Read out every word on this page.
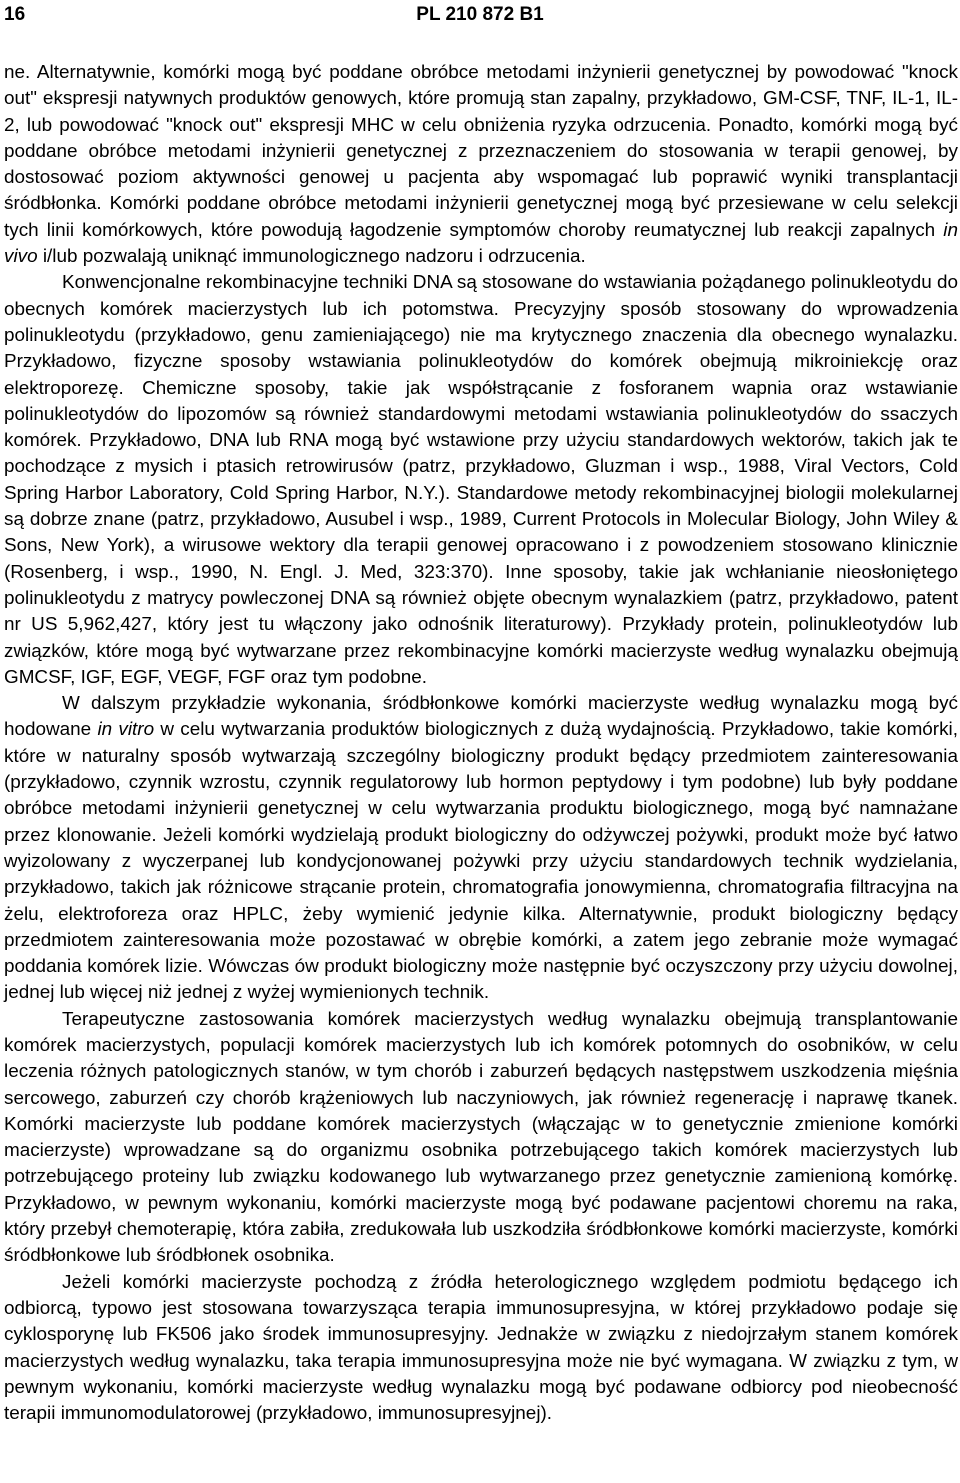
16	PL 210 872 B1

ne. Alternatywnie, komórki mogą być poddane obróbce metodami inżynierii genetycznej by powodować "knock out" ekspresji natywnych produktów genowych, które promują stan zapalny, przykładowo, GM-CSF, TNF, IL-1, IL-2, lub powodować "knock out" ekspresji MHC w celu obniżenia ryzyka odrzucenia. Ponadto, komórki mogą być poddane obróbce metodami inżynierii genetycznej z przeznaczeniem do stosowania w terapii genowej, by dostosować poziom aktywności genowej u pacjenta aby wspomagać lub poprawić wyniki transplantacji śródbłonka. Komórki poddane obróbce metodami inżynierii genetycznej mogą być przesiewane w celu selekcji tych linii komórkowych, które powodują łagodzenie symptomów choroby reumatycznej lub reakcji zapalnych in vivo i/lub pozwalają uniknąć immunologicznego nadzoru i odrzucenia.

Konwencjonalne rekombinacyjne techniki DNA są stosowane do wstawiania pożądanego polinukleotydu do obecnych komórek macierzystych lub ich potomstwa. Precyzyjny sposób stosowany do wprowadzenia polinukleotydu (przykładowo, genu zamieniającego) nie ma krytycznego znaczenia dla obecnego wynalazku. Przykładowo, fizyczne sposoby wstawiania polinukleotydów do komórek obejmują mikroiniekcję oraz elektroporezę. Chemiczne sposoby, takie jak współstrącanie z fosforanem wapnia oraz wstawianie polinukleotydów do lipozomów są również standardowymi metodami wstawiania polinukleotydów do ssaczych komórek. Przykładowo, DNA lub RNA mogą być wstawione przy użyciu standardowych wektorów, takich jak te pochodzące z mysich i ptasich retrowirusów (patrz, przykładowo, Gluzman i wsp., 1988, Viral Vectors, Cold Spring Harbor Laboratory, Cold Spring Harbor, N.Y.). Standardowe metody rekombinacyjnej biologii molekularnej są dobrze znane (patrz, przykładowo, Ausubel i wsp., 1989, Current Protocols in Molecular Biology, John Wiley & Sons, New York), a wirusowe wektory dla terapii genowej opracowano i z powodzeniem stosowano klinicznie (Rosenberg, i wsp., 1990, N. Engl. J. Med, 323:370). Inne sposoby, takie jak wchłanianie nieosłoniętego polinukleotydu z matrycy powleczonej DNA są również objęte obecnym wynalazkiem (patrz, przykładowo, patent nr US 5,962,427, który jest tu włączony jako odnośnik literaturowy). Przykłady protein, polinukleotydów lub związków, które mogą być wytwarzane przez rekombinacyjne komórki macierzyste według wynalazku obejmują GMCSF, IGF, EGF, VEGF, FGF oraz tym podobne.

W dalszym przykładzie wykonania, śródbłonkowe komórki macierzyste według wynalazku mogą być hodowane in vitro w celu wytwarzania produktów biologicznych z dużą wydajnością. Przykładowo, takie komórki, które w naturalny sposób wytwarzają szczególny biologiczny produkt będący przedmiotem zainteresowania (przykładowo, czynnik wzrostu, czynnik regulatorowy lub hormon peptydowy i tym podobne) lub były poddane obróbce metodami inżynierii genetycznej w celu wytwarzania produktu biologicznego, mogą być namnażane przez klonowanie. Jeżeli komórki wydzielają produkt biologiczny do odżywczej pożywki, produkt może być łatwo wyizolowany z wyczerpanej lub kondycjonowanej pożywki przy użyciu standardowych technik wydzielania, przykładowo, takich jak różnicowe strącanie protein, chromatografia jonowymienna, chromatografia filtracyjna na żelu, elektroforeza oraz HPLC, żeby wymienić jedynie kilka. Alternatywnie, produkt biologiczny będący przedmiotem zainteresowania może pozostawać w obrębie komórki, a zatem jego zebranie może wymagać poddania komórek lizie. Wówczas ów produkt biologiczny może następnie być oczyszczony przy użyciu dowolnej, jednej lub więcej niż jednej z wyżej wymienionych technik.

Terapeutyczne zastosowania komórek macierzystych według wynalazku obejmują transplantowanie komórek macierzystych, populacji komórek macierzystych lub ich komórek potomnych do osobników, w celu leczenia różnych patologicznych stanów, w tym chorób i zaburzeń będących następstwem uszkodzenia mięśnia sercowego, zaburzeń czy chorób krążeniowych lub naczyniowych, jak również regenerację i naprawę tkanek. Komórki macierzyste lub poddane komórek macierzystych (włączając w to genetycznie zmienione komórki macierzyste) wprowadzane są do organizmu osobnika potrzebującego takich komórek macierzystych lub potrzebującego proteiny lub związku kodowanego lub wytwarzanego przez genetycznie zamienioną komórkę. Przykładowo, w pewnym wykonaniu, komórki macierzyste mogą być podawane pacjentowi choremu na raka, który przebył chemoterapię, która zabiła, zredukowała lub uszkodziła śródbłonkowe komórki macierzyste, komórki śródbłonkowe lub śródbłonek osobnika.

Jeżeli komórki macierzyste pochodzą z źródła heterologicznego względem podmiotu będącego ich odbiorcą, typowo jest stosowana towarzysząca terapia immunosupresyjna, w której przykładowo podaje się cyklosporynę lub FK506 jako środek immunosupresyjny. Jednakże w związku z niedojrzałym stanem komórek macierzystych według wynalazku, taka terapia immunosupresyjna może nie być wymagana. W związku z tym, w pewnym wykonaniu, komórki macierzyste według wynalazku mogą być podawane odbiorcy pod nieobecność terapii immunomodulatorowej (przykładowo, immunosupresyjnej).
